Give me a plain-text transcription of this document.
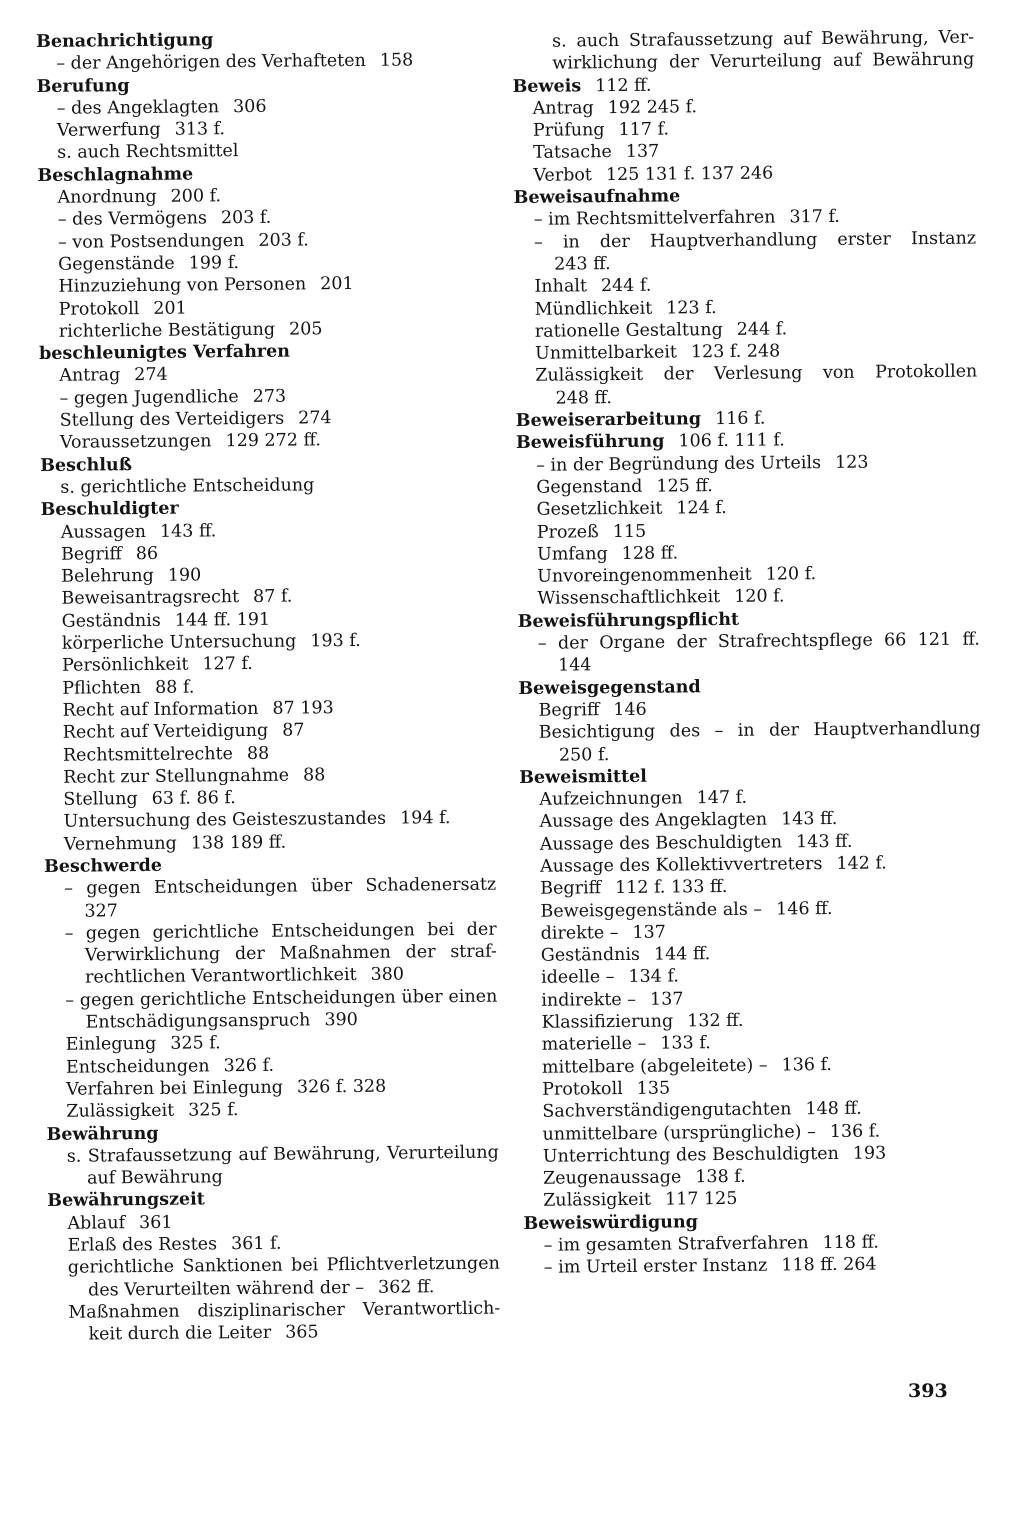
Benachrichtigung
– der Angehörigen des Verhafteten 158
Berufung
– des Angeklagten 306
Verwerfung 313 f.
s. auch Rechtsmittel
Beschlagnahme
Anordnung 200 f.
– des Vermögens 203 f.
– von Postsendungen 203 f.
Gegenstände 199 f.
Hinzuziehung von Personen 201
Protokoll 201
richterliche Bestätigung 205
beschleunigtes Verfahren
Antrag 274
– gegen Jugendliche 273
Stellung des Verteidigers 274
Voraussetzungen 129 272 ff.
Beschluß
s. gerichtliche Entscheidung
Beschuldigter
Aussagen 143 ff.
Begriff 86
Belehrung 190
Beweisantragsrecht 87 f.
Geständnis 144 ff. 191
körperliche Untersuchung 193 f.
Persönlichkeit 127 f.
Pflichten 88 f.
Recht auf Information 87 193
Recht auf Verteidigung 87
Rechtsmittelrechte 88
Recht zur Stellungnahme 88
Stellung 63 f. 86 f.
Untersuchung des Geisteszustandes 194 f.
Vernehmung 138 189 ff.
Beschwerde
– gegen Entscheidungen über Schadenersatz
327
– gegen gerichtliche Entscheidungen bei der
Verwirklichung der Maßnahmen der straf-
rechtlichen Verantwortlichkeit 380
– gegen gerichtliche Entscheidungen über einen
Entschädigungsanspruch 390
Einlegung 325 f.
Entscheidungen 326 f.
Verfahren bei Einlegung 326 f. 328
Zulässigkeit 325 f.
Bewährung
s. Strafaussetzung auf Bewährung, Verurteilung
auf Bewährung
Bewährungszeit
Ablauf 361
Erlaß des Restes 361 f.
gerichtliche Sanktionen bei Pflichtverletzungen
des Verurteilten während der – 362 ff.
Maßnahmen disziplinarischer Verantwortlich-
keit durch die Leiter 365
s. auch Strafaussetzung auf Bewährung, Ver-
wirklichung der Verurteilung auf Bewährung
Beweis 112 ff.
Antrag 192 245 f.
Prüfung 117 f.
Tatsache 137
Verbot 125 131 f. 137 246
Beweisaufnahme
– im Rechtsmittelverfahren 317 f.
– in der Hauptverhandlung erster Instanz
243 ff.
Inhalt 244 f.
Mündlichkeit 123 f.
rationelle Gestaltung 244 f.
Unmittelbarkeit 123 f. 248
Zulässigkeit der Verlesung von Protokollen
248 ff.
Beweiserarbeitung 116 f.
Beweisführung 106 f. 111 f.
– in der Begründung des Urteils 123
Gegenstand 125 ff.
Gesetzlichkeit 124 f.
Prozeß 115
Umfang 128 ff.
Unvoreingenommenheit 120 f.
Wissenschaftlichkeit 120 f.
Beweisführungspflicht
– der Organe der Strafrechtspflege 66 121 ff.
144
Beweisgegenstand
Begriff 146
Besichtigung des – in der Hauptverhandlung
250 f.
Beweismittel
Aufzeichnungen 147 f.
Aussage des Angeklagten 143 ff.
Aussage des Beschuldigten 143 ff.
Aussage des Kollektivvertreters 142 f.
Begriff 112 f. 133 ff.
Beweisgegenstände als – 146 ff.
direkte – 137
Geständnis 144 ff.
ideelle – 134 f.
indirekte – 137
Klassifizierung 132 ff.
materielle – 133 f.
mittelbare (abgeleitete) – 136 f.
Protokoll 135
Sachverständigengutachten 148 ff.
unmittelbare (ursprüngliche) – 136 f.
Unterrichtung des Beschuldigten 193
Zeugenaussage 138 f.
Zulässigkeit 117 125
Beweiswürdigung
– im gesamten Strafverfahren 118 ff.
– im Urteil erster Instanz 118 ff. 264
393
